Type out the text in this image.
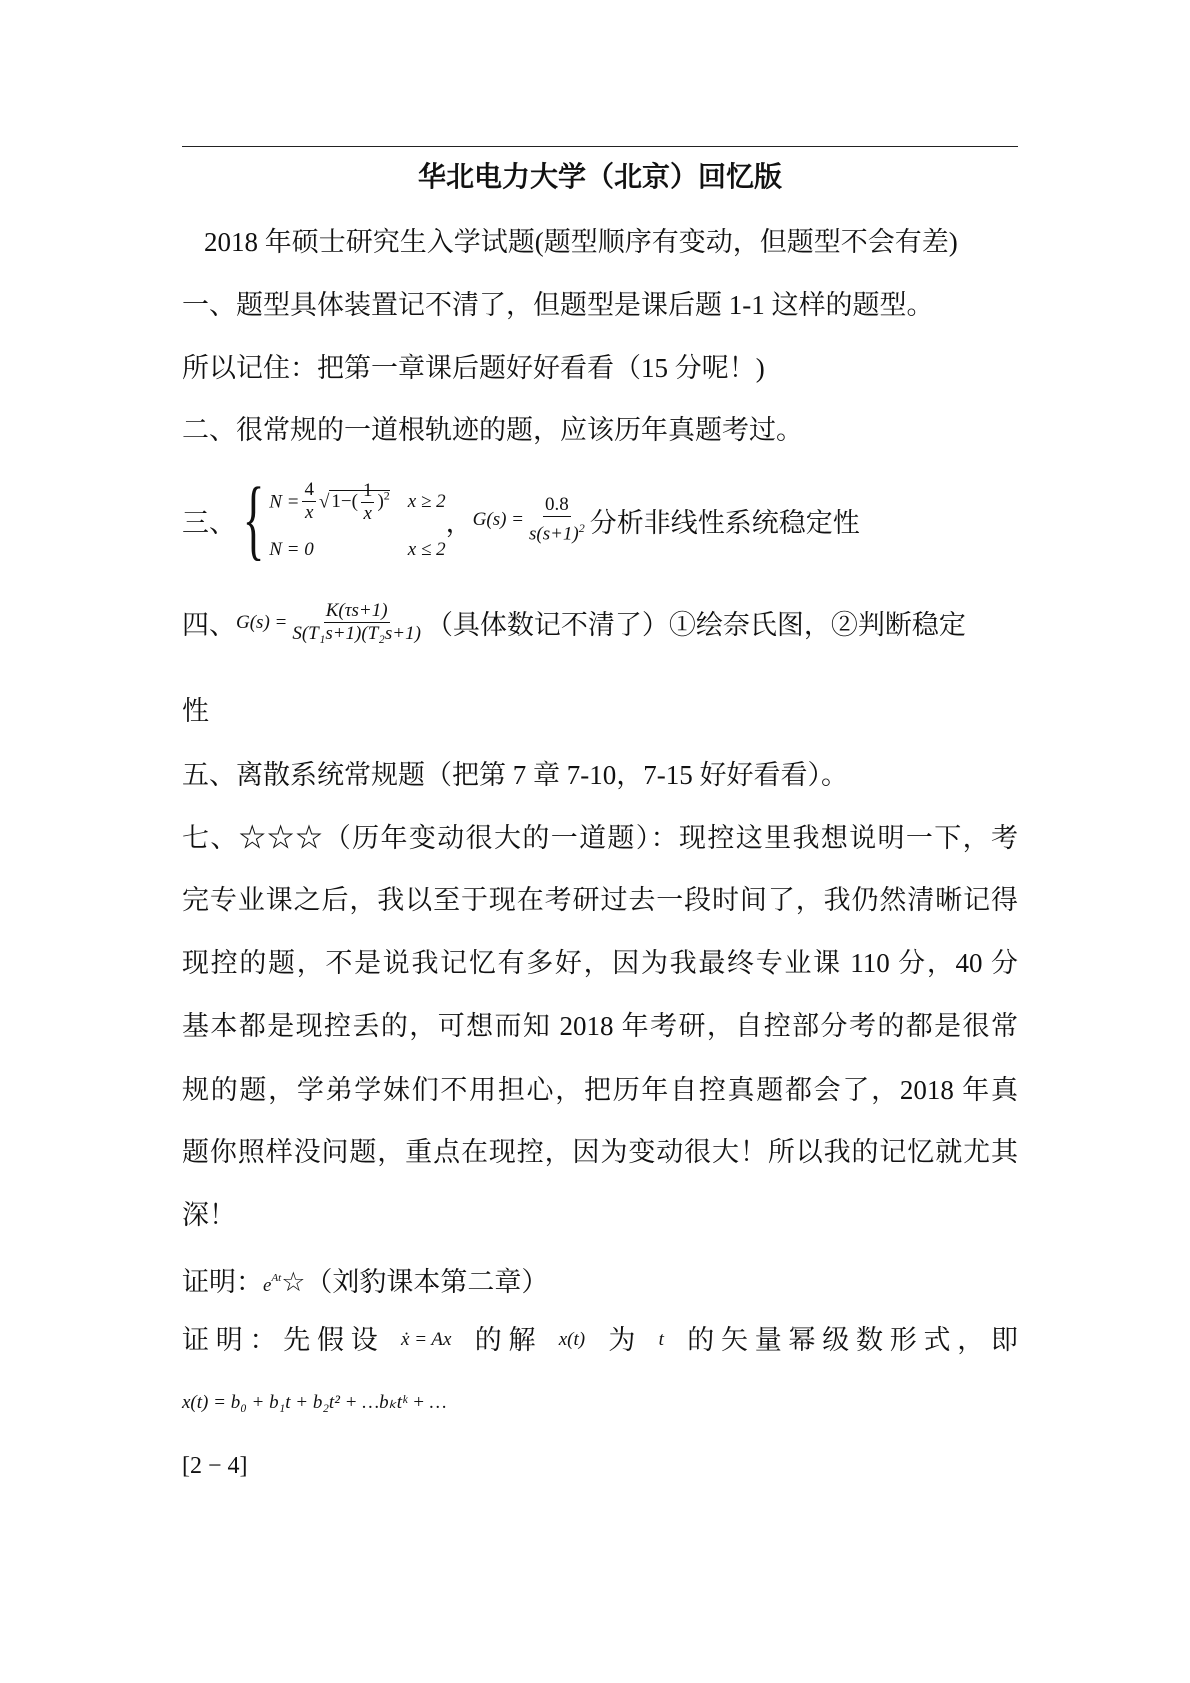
华北电力大学（北京）回忆版
2018 年硕士研究生入学试题(题型顺序有变动，但题型不会有差)
一、题型具体装置记不清了，但题型是课后题 1-1 这样的题型。
所以记住：把第一章课后题好好看看（15 分呢！)
二、很常规的一道根轨迹的题，应该历年真题考过。
三、 { $N = \frac{4}{x}$ √ $1-( \frac{1}{x} )^2$ x ≥ 2
N = 0	x ≤ 2
， $G(s) = \frac{0.8}{s(s+1)^2}$ 分析非线性系统稳定性
四、 $G(s) = \frac{K(\tau s+1)}{\text{S(T₁s+1)(T₂s+1)}}$ （具体数记不清了）①绘奈氏图，②判断稳定
性
五、离散系统常规题（把第 7 章 7-10，7-15 好好看看）。
七、☆☆☆（历年变动很大的一道题）：现控这里我想说明一下，考
完专业课之后，我以至于现在考研过去一段时间了，我仍然清晰记得
现控的题，不是说我记忆有多好，因为我最终专业课 110 分，40 分
基本都是现控丢的，可想而知 2018 年考研，自控部分考的都是很常
规的题，学弟学妹们不用担心，把历年自控真题都会了，2018 年真
题你照样没问题，重点在现控，因为变动很大！所以我的记忆就尤其
深！
证明：$e^{At}☆$（刘豹课本第二章）
证 明 ： 先 假 设 ẋ = Ax 的 解 x(t) 为 t 的 矢 量 幂 级 数 形 式 ， 即
x(t) = b₀ + b₁t + b₂t² + …bₖtᵏ + …
[2 − 4]
